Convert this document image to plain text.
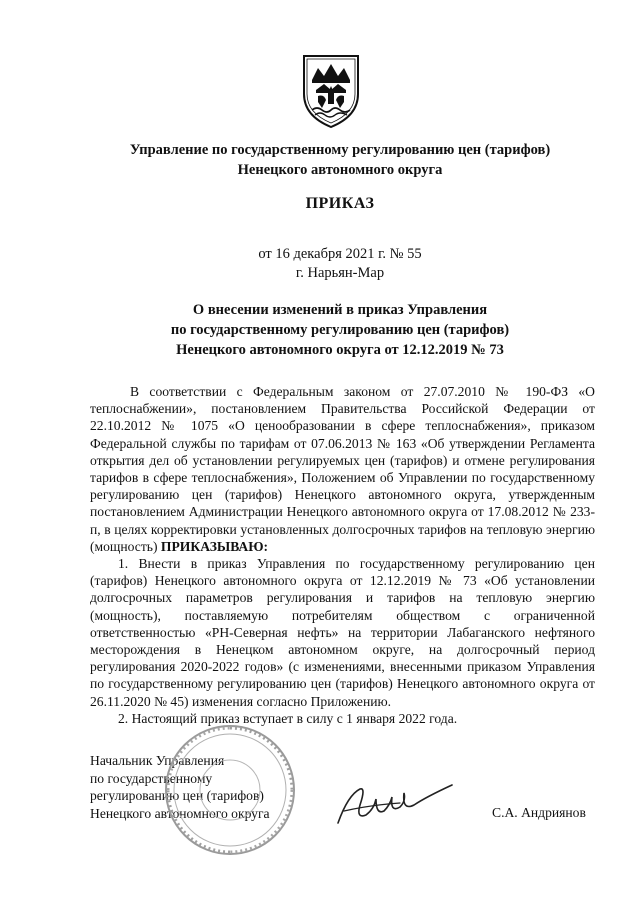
Управление по государственному регулированию цен (тарифов)
Ненецкого автономного округа
ПРИКАЗ
от 16 декабря 2021 г. № 55
г. Нарьян-Мар
О внесении изменений в приказ Управления
по государственному регулированию цен (тарифов)
Ненецкого автономного округа от 12.12.2019 № 73

В соответствии с Федеральным законом от 27.07.2010 № 190-ФЗ «О теплоснабжении», постановлением Правительства Российской Федерации от 22.10.2012 № 1075 «О ценообразовании в сфере теплоснабжения», приказом Федеральной службы по тарифам от 07.06.2013 № 163 «Об утверждении Регламента открытия дел об установлении регулируемых цен (тарифов) и отмене регулирования тарифов в сфере теплоснабжения», Положением об Управлении по государственному регулированию цен (тарифов) Ненецкого автономного округа, утвержденным постановлением Администрации Ненецкого автономного округа от 17.08.2012 № 233-п, в целях корректировки установленных долгосрочных тарифов на тепловую энергию (мощность) ПРИКАЗЫВАЮ:

1. Внести в приказ Управления по государственному регулированию цен (тарифов) Ненецкого автономного округа от 12.12.2019 № 73 «Об установлении долгосрочных параметров регулирования и тарифов на тепловую энергию (мощность), поставляемую потребителям обществом с ограниченной ответственностью «РН-Северная нефть» на территории Лабаганского нефтяного месторождения в Ненецком автономном округе, на долгосрочный период регулирования 2020-2022 годов» (с изменениями, внесенными приказом Управления по государственному регулированию цен (тарифов) Ненецкого автономного округа от 26.11.2020 № 45) изменения согласно Приложению.

2. Настоящий приказ вступает в силу с 1 января 2022 года.

Начальник Управления
по государственному
регулированию цен (тарифов)
Ненецкого автономного округа	С.А. Андриянов
